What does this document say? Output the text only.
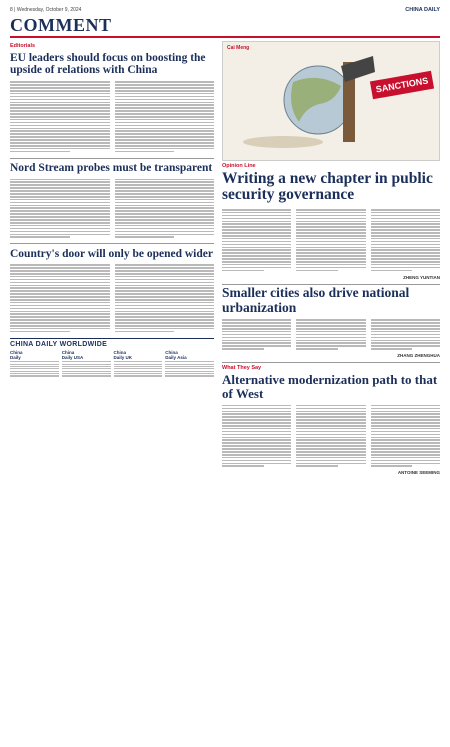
8 | Wednesday, October 9, 2024	CHINA DAILY
COMMENT
Editorials
EU leaders should focus on boosting the upside of relations with China
Nord Stream probes must be transparent
Country's door will only be opened wider
CHINA DAILY WORLDWIDE
China Daily
China Daily USA
China Daily UK
China Daily Asia
Cai Meng
SANCTIONS
Opinion Line
Writing a new chapter in public security governance
ZHENG YUNTIAN
Smaller cities also drive national urbanization
ZHANG ZHENGHUA
What They Say
Alternative modernization path to that of West
ANTOINE SEEMING
